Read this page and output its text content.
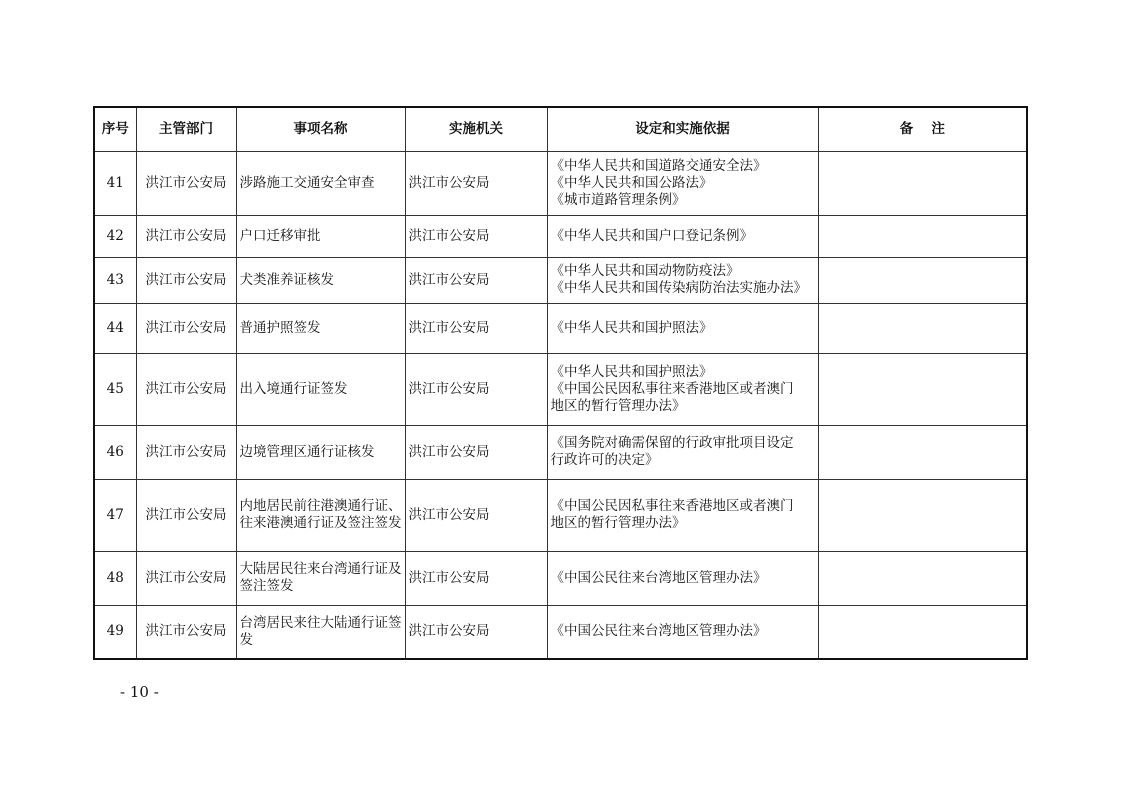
序号	主管部门	事项名称	实施机关	设定和实施依据	备　 注
41	洪江市公安局	涉路施工交通安全审查	洪江市公安局	《中华人民共和国道路交通安全法》
《中华人民共和国公路法》
《城市道路管理条例》	
42	洪江市公安局	户口迁移审批	洪江市公安局	《中华人民共和国户口登记条例》	
43	洪江市公安局	犬类准养证核发	洪江市公安局	《中华人民共和国动物防疫法》
《中华人民共和国传染病防治法实施办法》	
44	洪江市公安局	普通护照签发	洪江市公安局	《中华人民共和国护照法》	
45	洪江市公安局	出入境通行证签发	洪江市公安局	《中华人民共和国护照法》
《中国公民因私事往来香港地区或者澳门
地区的暂行管理办法》	
46	洪江市公安局	边境管理区通行证核发	洪江市公安局	《国务院对确需保留的行政审批项目设定
行政许可的决定》	
47	洪江市公安局	内地居民前往港澳通行证、往来港澳通行证及签注签发	洪江市公安局	《中国公民因私事往来香港地区或者澳门
地区的暂行管理办法》	
48	洪江市公安局	大陆居民往来台湾通行证及签注签发	洪江市公安局	《中国公民往来台湾地区管理办法》	
49	洪江市公安局	台湾居民来往大陆通行证签发	洪江市公安局	《中国公民往来台湾地区管理办法》	
- 10 -
